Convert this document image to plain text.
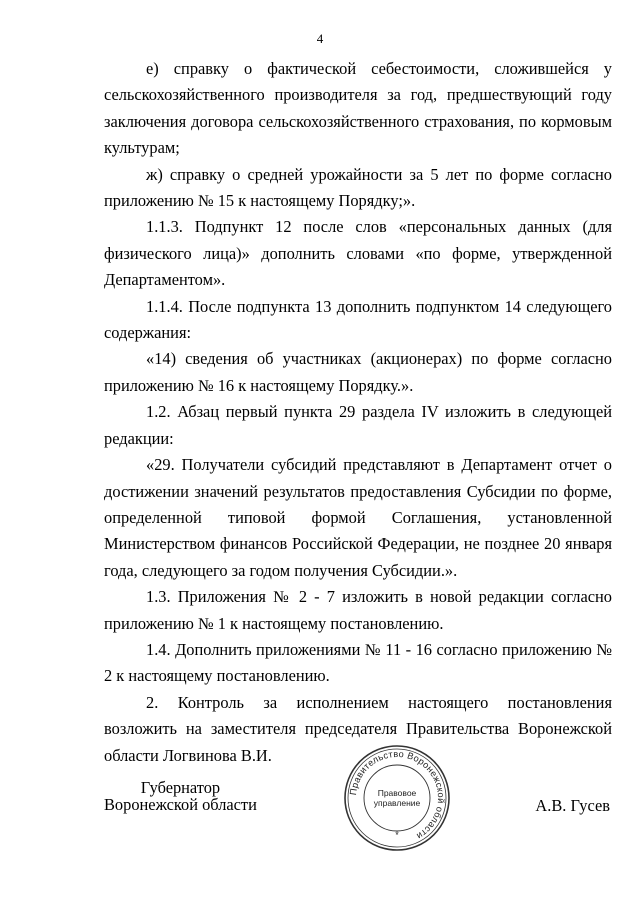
4

е) справку о фактической себестоимости, сложившейся у сельскохозяйственного производителя за год, предшествующий году заключения договора сельскохозяйственного страхования, по кормовым культурам;

ж) справку о средней урожайности за 5 лет по форме согласно приложению № 15 к настоящему Порядку;».

1.1.3. Подпункт 12 после слов «персональных данных (для физического лица)» дополнить словами «по форме, утвержденной Департаментом».

1.1.4. После подпункта 13 дополнить подпунктом 14 следующего содержания:

«14) сведения об участниках (акционерах) по форме согласно приложению № 16 к настоящему Порядку.».

1.2. Абзац первый пункта 29 раздела IV изложить в следующей редакции:

«29. Получатели субсидий представляют в Департамент отчет о достижении значений результатов предоставления Субсидии по форме, определенной типовой формой Соглашения, установленной Министерством финансов Российской Федерации, не позднее 20 января года, следующего за годом получения Субсидии.».

1.3. Приложения № 2 - 7 изложить в новой редакции согласно приложению № 1 к настоящему постановлению.

1.4. Дополнить приложениями № 11 - 16 согласно приложению № 2 к настоящему постановлению.

2. Контроль за исполнением настоящего постановления возложить на заместителя председателя Правительства Воронежской области Логвинова В.И.

Губернатор
Воронежской области
Правительство Воронежской области
Правовое
управление
*
А.В. Гусев
